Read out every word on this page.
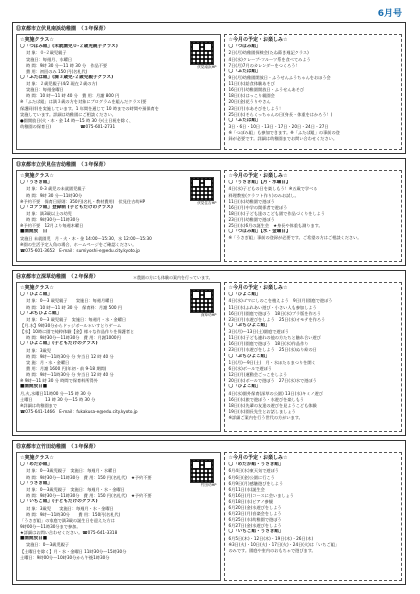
6月号
⑫京都市立伏見南浜幼稚園　（３年保育）
☆実施クラス☆
〇「つぼみ組」(未就園児０-２歳児親子クラス)
対 象：０-２歳児親子
実施日：毎週月、水曜日
時 間：9時 30 分～11 時 30 分　作品不要
費 用：初回のみ 150 円(名札代)
〇「ふたば組」(満３歳児-２歳児親子クラス)
対 象：２歳児親子(4/2 現在２歳の方)
実施日：毎週金曜日
時 間：10 時～11 時 40 分　費 用：月謝 800 円
※「ふたば組」は満３歳の方を対象にプログラムを組んだクラス(要
保護同伴)を実施しています。1 年間を通じて 10 時までの時間や預保育を
実施しています。詳細は幼稚園にご相談ください。
●園開放日(火・木・金 14 時～15 時 30 分(土日祝を除く、
幼稚園の保育日)　　　　　　　☎075-601-2731
伏見南浜HP
☆今月の予定・お楽しみ☆
〇「つぼみ組」
2日(月)幼稚園探検会(たね蒔き週記クラス)
4日(水)クレープ-フルーツ系を食べてみよう
7日(月)7月のカレンダーをつくろう！
〇「ふたば組」
9日(月)幼稚園開放日・ふうせんふうちゃんをおほう会
11日(水)給食体験あそび
16日(月)幼稚園開放日・ふうせんあそび
18日(水)はっこり親園会
20日(金)花うりやさん
23日(月)水あそびをしよう！
25日(水)そらくっちゃんの日(身長・体重をはかろう！)
〇「ふたば組」
3日・6日・10日・13日・17日・20日・24日・27日
※「つぼみ組」も参加できます。※「ふたば組」の事前の登
録が必要です。詳細は幼稚園までお問い合わせください。
⑬京都市立伏見住吉幼稚園　（３年保育）
☆実施クラス☆
〇「うさぎ組」
対 象：0-3 歳児の未就園児親子
時 間：9時 30 分～11時30分
※予約不要　保育日原則：350円(名札・教材費用)　伏見住吉幼HP
〇「コアラ組」登録制 (子どもだけのクラス)
対 象：満3歳以上の幼児
時 間：9時30分～11時30分
※予約不要　12月より毎週木曜日
■園開放　日
実施日 未就園児　月・火・木・金 14:00～15:30、水 12:00～15:30
※園の生活予定入角の場合、ホームページをご確認ください。
☎075-601-3652　E-mail：sumiyoshi-e@edu.city.kyoto.jp
伏見住吉HP
☆今月の予定・お楽しみ☆
〇「うさぎ組」【月・水曜日】
4日(水)子どもの日を楽しもう！※五歳で学べる
料理教室(クラフト作り)のみお試し。
11日(水)幼稚園で遊ぼう
16日(月)中学の関係者で遊ぼう
18日(水)子ども達のこども園で作品づくりをしよう
23日(月)幼稚園で遊ぼう
25日(水)6月の誕生会　★身長や体重も測ります。
〇「つぼみ組」【水・金曜日】
※「うさぎ組」事前の登録が必要です。ご希望の方はご相談ください。
⑭京都市立深草幼稚園　（２年保育）	＊農園の方にも体験の案内を行っています。
☆実施クラス☆
〇「ひよこ組」
対 象：0～3 歳児親子　　実施日：毎週月曜日
時 間：10 時～11 時 30 分　保育料：月謝 500 円
〇「ぷちひよこ組」
対 象：0～3 歳児親子　実施日：毎週月・水・金曜日
【月.水】9時30分からドッジボール＊いすとりゲーム
【水】10時に園で純粋体験【金】様々な作品作りを保護者と
時 間：9時30分～11時30分　費 用：月謝1000円
〇「ひよこ組」(子どもだけのクラス)
対 象：3歳児
時 間：9時～11時30分 分 弁当日 12 時 40 分
実 施：月・水・金曜日
費 用：月謝 1600 円(年初・前 9-18 期間)
時 間：9時～11時30分 分 弁当日 12 時 40 分
※ 9時～11 時 30 分 時間で保育料所得外
■園開放日■
月,火,水曜日11時00 分～15 時 30 分
土曜日　　　13 時 30 分～15 時 30 分
※詳細は幼稚園まで
☎075-641-1466　E-mail：fukakusa-e@edu.city.kyoto.jp
深草幼HP
☆今月の予定・お楽しみ☆
〇「ひよこ組」
4日(水)ゴマにしのこを植えよう　9日(月)園庭で遊ぼう
11日(水)ふれあい遊び・小さい人も参加しよう
16日(月)園庭で遊ぼう　18日(水)プラ版を作ろう
23日(月)水遊びをしよう　25日(水)オモテを作ろう
〇「ぷちひよこ組」
3日(月)～13日(土)園庭で遊ぼう
11日(水)子ども連れの他の方たちと触れ合い遊び
16日(月)園庭で遊ぼう　18日(水)作品作り
23日(月)水遊びをしよう　25日(水)ぬり絵の日
〇「ぷちひよこ組」
1日(月)～9日(土)　月・水ほたるまつりを開く
6日(水)ボールで遊ぼう
12日(月)運動会ごっこをしよう
20日(水)ボールで遊ぼう　27日(水)水で遊ぼう
〇「ひよこ組」
4日(水)園外保育(深草の公園) 13日(水)キミノ遊び
16日(水)旅で遊ぼう・水遊びを楽しもう
18日(水)先輩の友達の遊びを見ようこども体験
19日(水)園長先生とお話しましょう
※詳細ご案内を行う世代の方がいます。
⑮京都市立竹田幼稚園　（３年保育）
☆実施クラス☆
〇「めだか組」
対 象：0～3歳児親子　実施日：毎週月・水曜日
時 間：9時30分～11時30分　費 用：150 円(名札代)　★予約不要
〇「うさぎ組」
対 象：0～3歳児親子　実施日：毎週月・水・金曜日
時 間：9時30分～11時30分　費 用：150 円(名札代)　★予約不要
〇「いちご組」(子どもだけのクラス)
対 象：3歳児　　実施日：毎週月・水・金曜日
時 間：9時～11時30分　　費 用：150円(名札代)
「うさぎ組」の家庭で満3歳の誕生日を迎えた方は
9時00分～11時30分まで参加。
★詳細はお問い合わせください。☎075-641-3318
■園開放日■
実施日：0～3歳児親子
【土曜日を除く】月・水・金曜日 11時30分～15時30分
土曜日：9時00分～10時30分から午後1時30分
竹田幼HP
☆今月の予定・お楽しみ☆
〇「めだか組・うさぎ組」
6月4日(水)東天気で遊ぼう
6月6日(金)公園に行こう
6月9日(月)感触遊びをしよう
6月11日(水)誕生会
6月16日(月)コースに会いましょう
6月18日(水)ピアノ参観
6月20日(金)水遊びをしよう
6月23日(月)音楽会をしよう
6月25日(水)幼稚園で遊ぼう
6月27日(金)水遊びをしよう
〇「いちご組・うさぎ組」
6月5日(木)・12日(木)・19日(木)・26日(木)
※3日(火)・10日(火)・17日(火)・24日(火)は「いちご組」
のみです。園庭や室内のおもちゃで遊びます。
